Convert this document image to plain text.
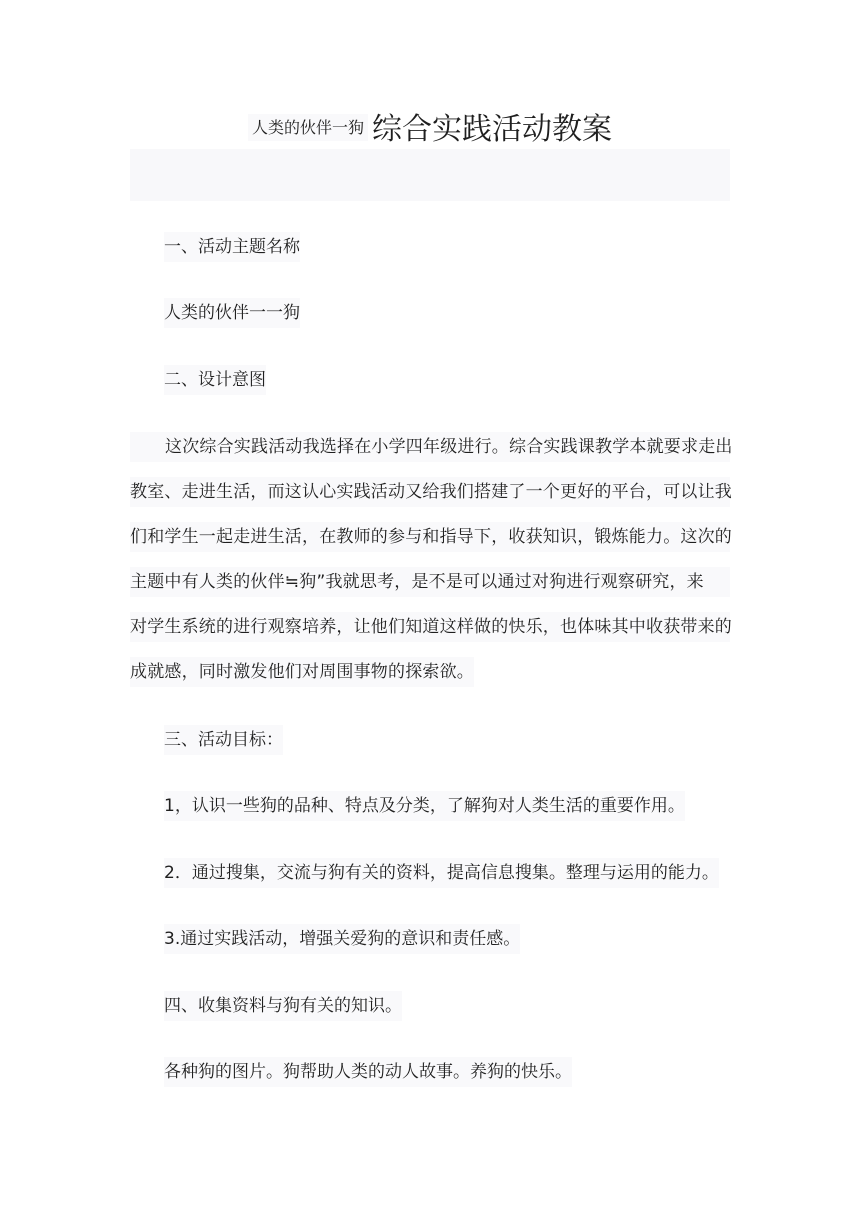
人类的伙伴一狗 综合实践活动教案
一、活动主题名称
人类的伙伴一一狗
二、设计意图
这次综合实践活动我选择在小学四年级进行。综合实践课教学本就要求走出
教室、走进生活，而这认心实践活动又给我们搭建了一个更好的平台，可以让我
们和学生一起走进生活，在教师的参与和指导下，收获知识，锻炼能力。这次的
主题中有人类的伙伴≒狗”我就思考，是不是可以通过对狗进行观察研究，来
对学生系统的进行观察培养，让他们知道这样做的快乐，也体味其中收获带来的
成就感，同时激发他们对周围事物的探索欲。
三、活动目标：
1，认识一些狗的品种、特点及分类，了解狗对人类生活的重要作用。
2．通过搜集，交流与狗有关的资料，提高信息搜集。整理与运用的能力。
3.通过实践活动，增强关爱狗的意识和责任感。
四、收集资料与狗有关的知识。
各种狗的图片。狗帮助人类的动人故事。养狗的快乐。
